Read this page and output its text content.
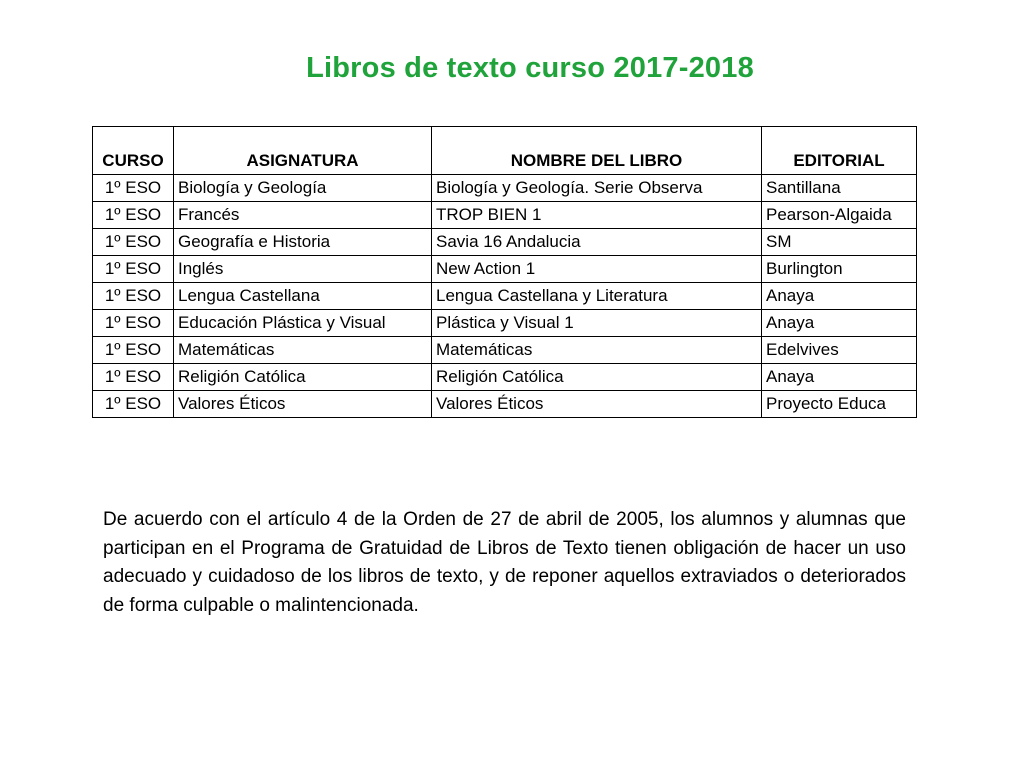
Libros de texto curso 2017-2018
CURSO	ASIGNATURA	NOMBRE DEL LIBRO	EDITORIAL
1º ESO	Biología y Geología	Biología y Geología. Serie Observa	Santillana
1º ESO	Francés	TROP BIEN 1	Pearson-Algaida
1º ESO	Geografía e Historia	Savia 16 Andalucia	SM
1º ESO	Inglés	New Action 1	Burlington
1º ESO	Lengua Castellana	Lengua Castellana y Literatura	Anaya
1º ESO	Educación Plástica y Visual	Plástica y Visual 1	Anaya
1º ESO	Matemáticas	Matemáticas	Edelvives
1º ESO	Religión Católica	Religión Católica	Anaya
1º ESO	Valores Éticos	Valores Éticos	Proyecto Educa

De acuerdo con el artículo 4 de la Orden de 27 de abril de 2005, los alumnos y alumnas que participan en el Programa de Gratuidad de Libros de Texto tienen obligación de hacer un uso adecuado y cuidadoso de los libros de texto, y de reponer aquellos extraviados o deteriorados de forma culpable o malintencionada.
